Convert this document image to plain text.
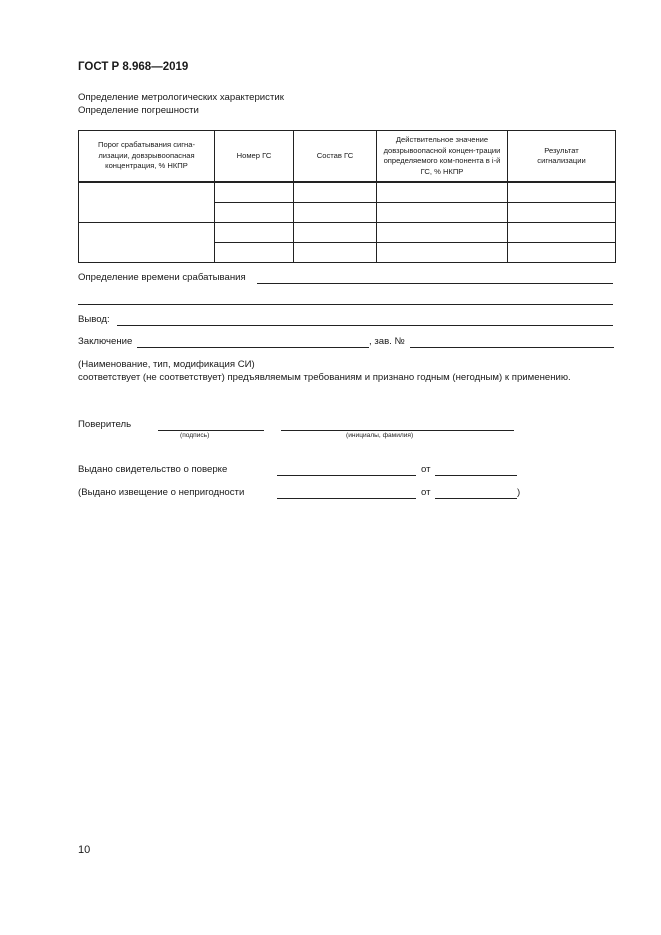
ГОСТ Р 8.968—2019
Определение метрологических характеристик
Определение погрешности
Порог срабатывания сигна-лизации, довзрывоопасная концентрация, % НКПР	Номер ГС	Состав ГС	Действительное значение довзрывоопасной концен-трации определяемого ком-понента в i-й ГС, % НКПР	Результат сигнализации

Определение времени срабатывания
Вывод:
Заключение	, зав. №
(Наименование, тип, модификация СИ)
соответствует (не соответствует) предъявляемым требованиям и признано годным (негодным) к применению.
Поверитель
(подпись)	(инициалы, фамилия)
Выдано свидетельство о поверке	от
(Выдано извещение о непригодности	от	)
10
